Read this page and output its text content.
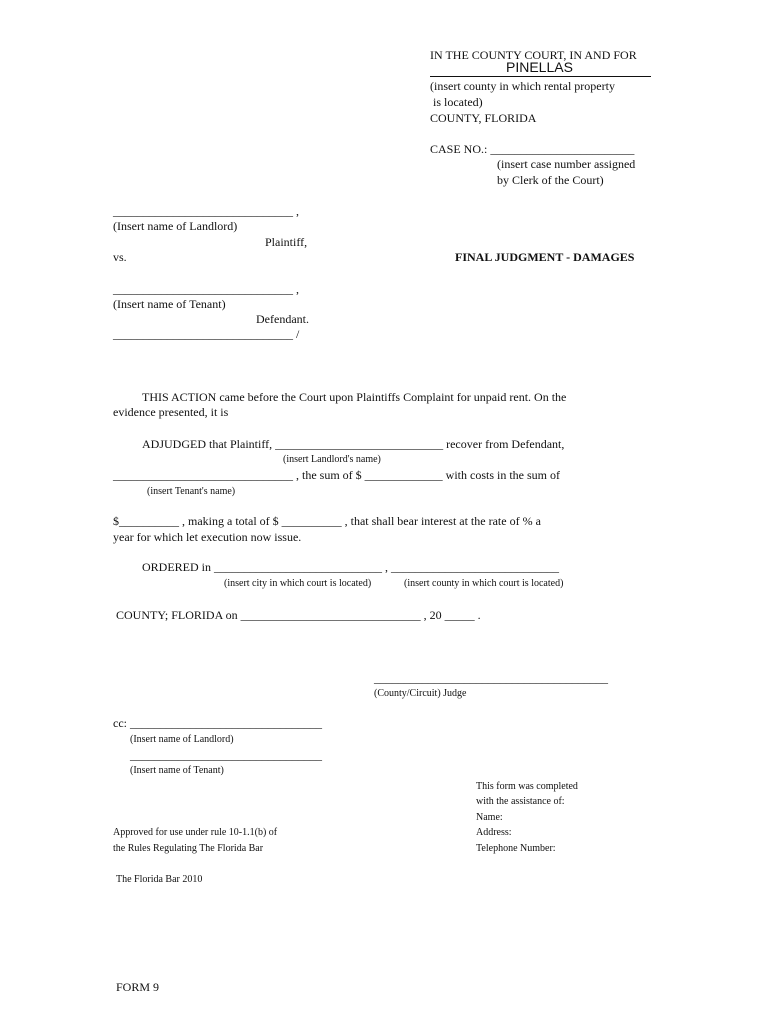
IN THE COUNTY COURT, IN AND FOR
PINELLAS
(insert county in which rental property
is located)
COUNTY, FLORIDA
CASE NO.: ________________________
(insert case number assigned
by Clerk of the Court)
______________________________ ,
(Insert name of Landlord)
Plaintiff,
vs.	FINAL JUDGMENT - DAMAGES
______________________________ ,
(Insert name of Tenant)
Defendant.
______________________________ /
THIS ACTION came before the Court upon Plaintiffs Complaint for unpaid rent. On the
evidence presented, it is
ADJUDGED that Plaintiff, ____________________________ recover from Defendant,
(insert Landlord's name)
______________________________ , the sum of $ _____________ with costs in the sum of
(insert Tenant's name)
$__________ , making a total of $ __________ , that shall bear interest at the rate of % a
year for which let execution now issue.
ORDERED in ____________________________ , ____________________________
(insert city in which court is located)	(insert county in which court is located)
COUNTY; FLORIDA on ______________________________ , 20 _____ .
_______________________________________
(County/Circuit) Judge
cc: ________________________________
(Insert name of Landlord)
________________________________
(Insert name of Tenant)
This form was completed
with the assistance of:
Name:
Address:
Telephone Number:
Approved for use under rule 10-1.1(b) of
the Rules Regulating The Florida Bar
The Florida Bar 2010
FORM 9
